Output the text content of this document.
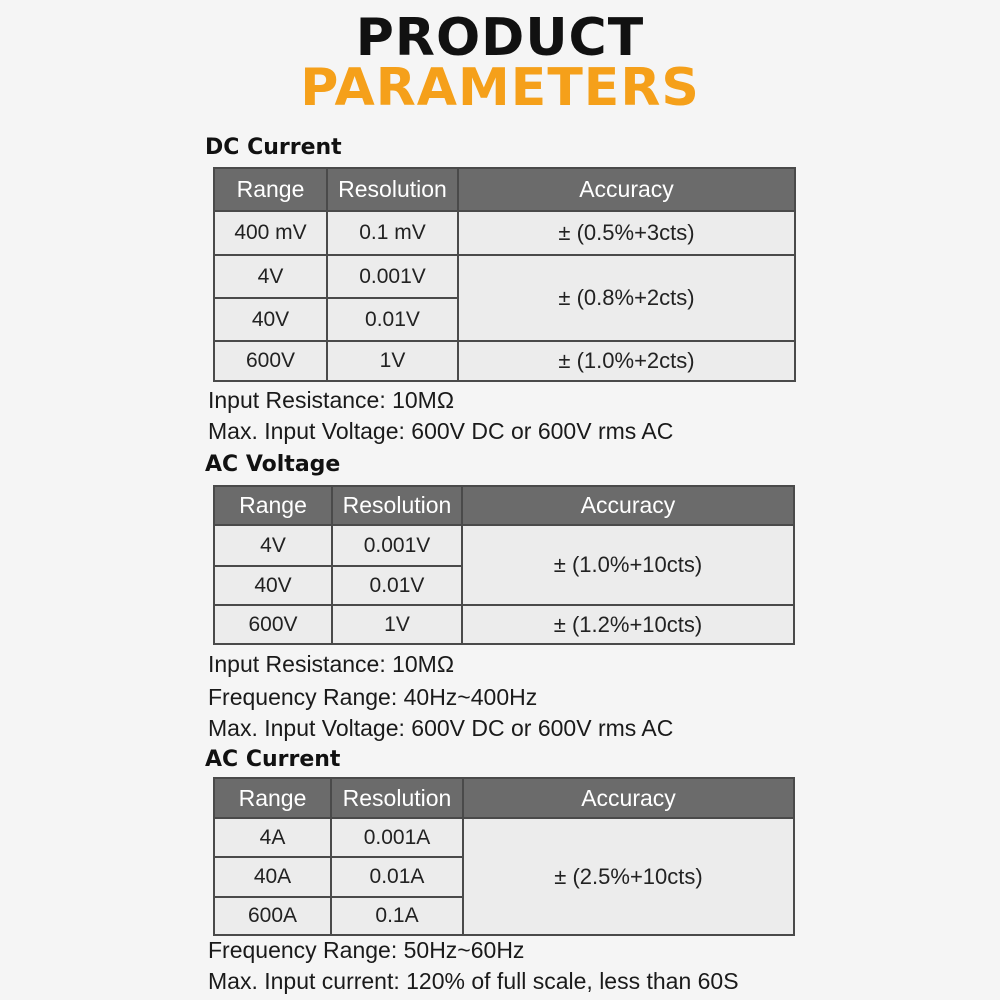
PRODUCT
PARAMETERS
DC Current
Range	Resolution	Accuracy
400 mV	0.1 mV	± (0.5%+3cts)
4V	0.001V	± (0.8%+2cts)
40V	0.01V	
600V	1V	± (1.0%+2cts)
Input Resistance: 10MΩ
Max. Input Voltage: 600V DC or 600V rms AC
AC Voltage
Range	Resolution	Accuracy
4V	0.001V	± (1.0%+10cts)
40V	0.01V	
600V	1V	± (1.2%+10cts)
Input Resistance: 10MΩ
Frequency Range: 40Hz~400Hz
Max. Input Voltage: 600V DC or 600V rms AC
AC Current
Range	Resolution	Accuracy
4A	0.001A	± (2.5%+10cts)
40A	0.01A	
600A	0.1A	
Frequency Range: 50Hz~60Hz
Max. Input current: 120% of full scale, less than 60S
